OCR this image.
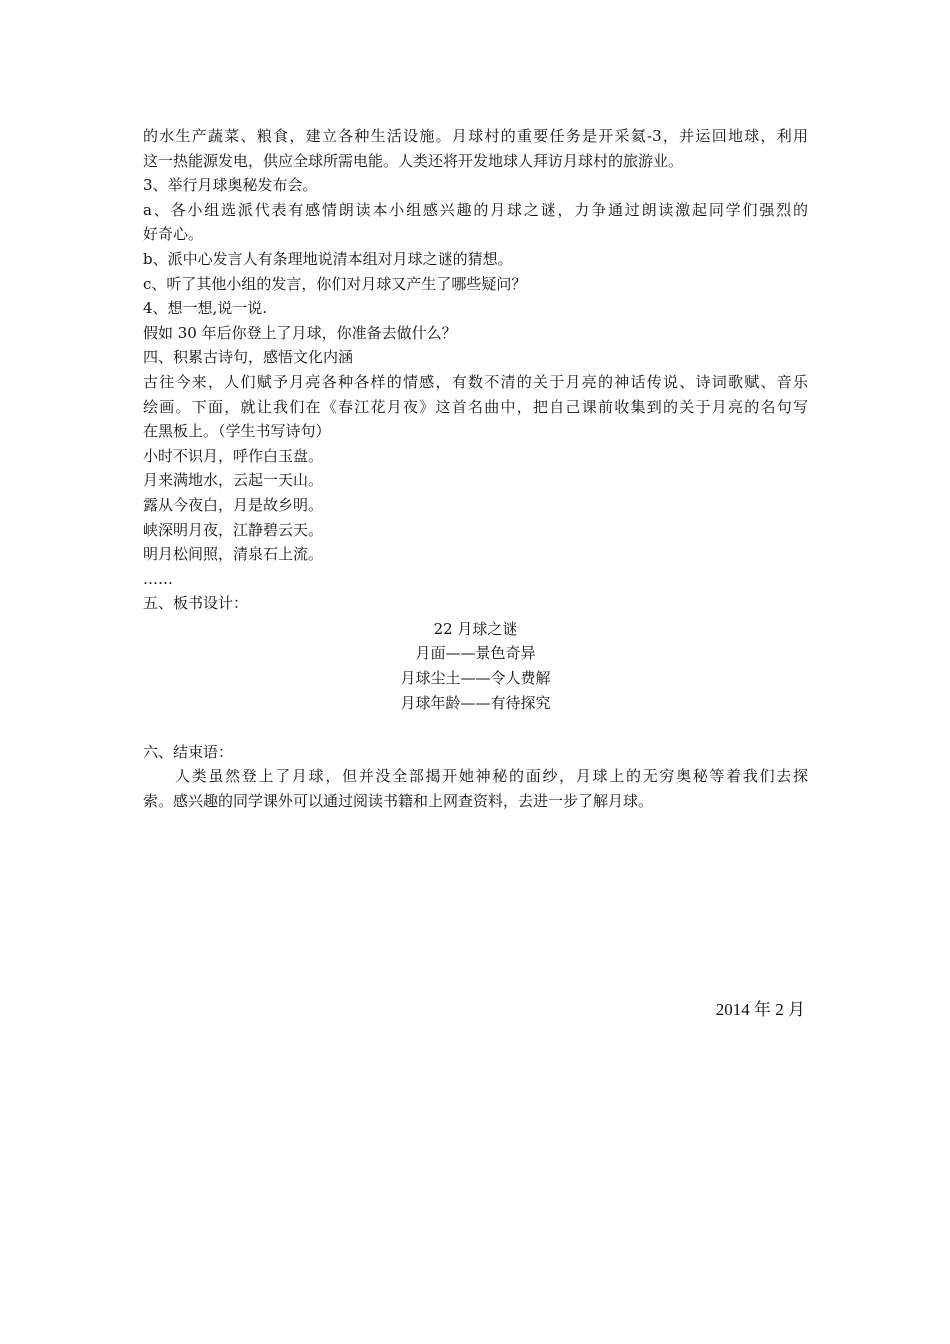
的水生产蔬菜、粮食，建立各种生活设施。月球村的重要任务是开采氦-3，并运回地球，利用
这一热能源发电，供应全球所需电能。人类还将开发地球人拜访月球村的旅游业。
3、举行月球奥秘发布会。
a、各小组选派代表有感情朗读本小组感兴趣的月球之谜，力争通过朗读激起同学们强烈的
好奇心。
b、派中心发言人有条理地说清本组对月球之谜的猜想。
c、听了其他小组的发言，你们对月球又产生了哪些疑问？
4、想一想,说一说.
假如 30 年后你登上了月球，你准备去做什么？
四、积累古诗句，感悟文化内涵
古往今来，人们赋予月亮各种各样的情感，有数不清的关于月亮的神话传说、诗词歌赋、音乐
绘画。下面，就让我们在《春江花月夜》这首名曲中，把自己课前收集到的关于月亮的名句写
在黑板上。（学生书写诗句）
小时不识月，呼作白玉盘。
月来满地水，云起一天山。
露从今夜白，月是故乡明。
峡深明月夜，江静碧云天。
明月松间照，清泉石上流。
……
五、板书设计：
22 月球之谜
月面——景色奇异
月球尘土——令人费解
月球年龄——有待探究
六、结束语：
人类虽然登上了月球，但并没全部揭开她神秘的面纱，月球上的无穷奥秘等着我们去探
索。感兴趣的同学课外可以通过阅读书籍和上网查资料，去进一步了解月球。
2014 年 2 月
